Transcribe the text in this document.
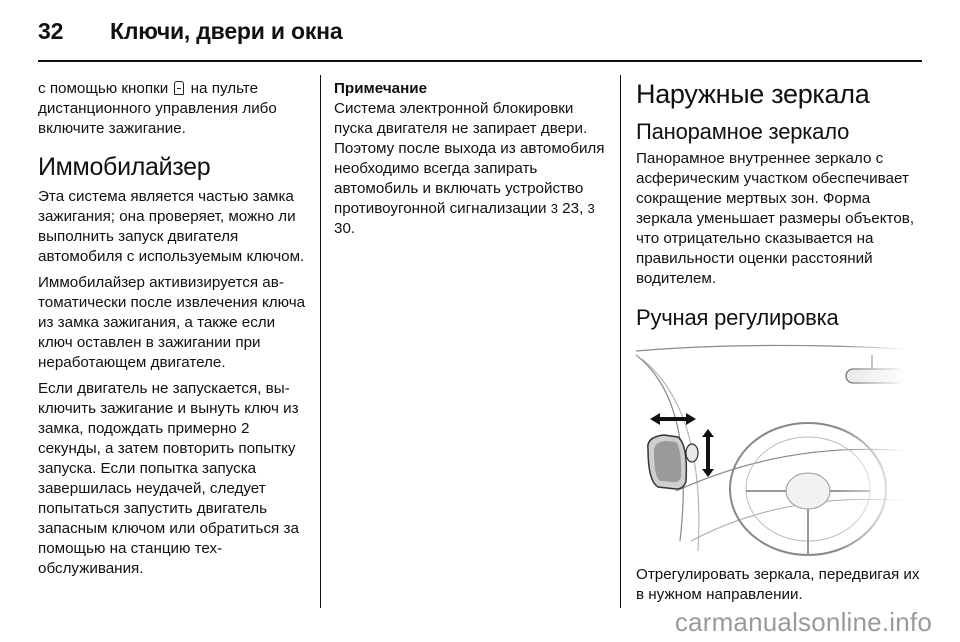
32 Ключи, двери и окна

с помощью кнопки  на пульте дистанционного управления либо включите зажигание.

Иммобилайзер

Эта система является частью замка зажигания; она проверяет, можно ли выполнить запуск двигателя автомобиля с используемым ключом.

Иммобилайзер активизируется автоматически после извлечения ключа из замка зажигания, а также если ключ оставлен в зажигании при неработающем двигателе.

Если двигатель не запускается, выключить зажигание и вынуть ключ из замка, подождать примерно 2 секунды, а затем повторить попытку запуска. Если попытка запуска завершилась неудачей, следует попытаться запустить двигатель запасным ключом или обратиться за помощью на станцию техобслуживания.

Примечание

Система электронной блокировки пуска двигателя не запирает двери. Поэтому после выхода из автомобиля необходимо всегда запирать автомобиль и включать устройство противоугонной сигнализации 3 23, 3 30.

Наружные зеркала
Панорамное зеркало

Панорамное внутреннее зеркало с асферическим участком обеспечивает сокращение мертвых зон. Форма зеркала уменьшает размеры объектов, что отрицательно сказывается на правильности оценки расстояний водителем.

Ручная регулировка

Отрегулировать зеркала, передвигая их в нужном направлении.

carmanualsonline.info
